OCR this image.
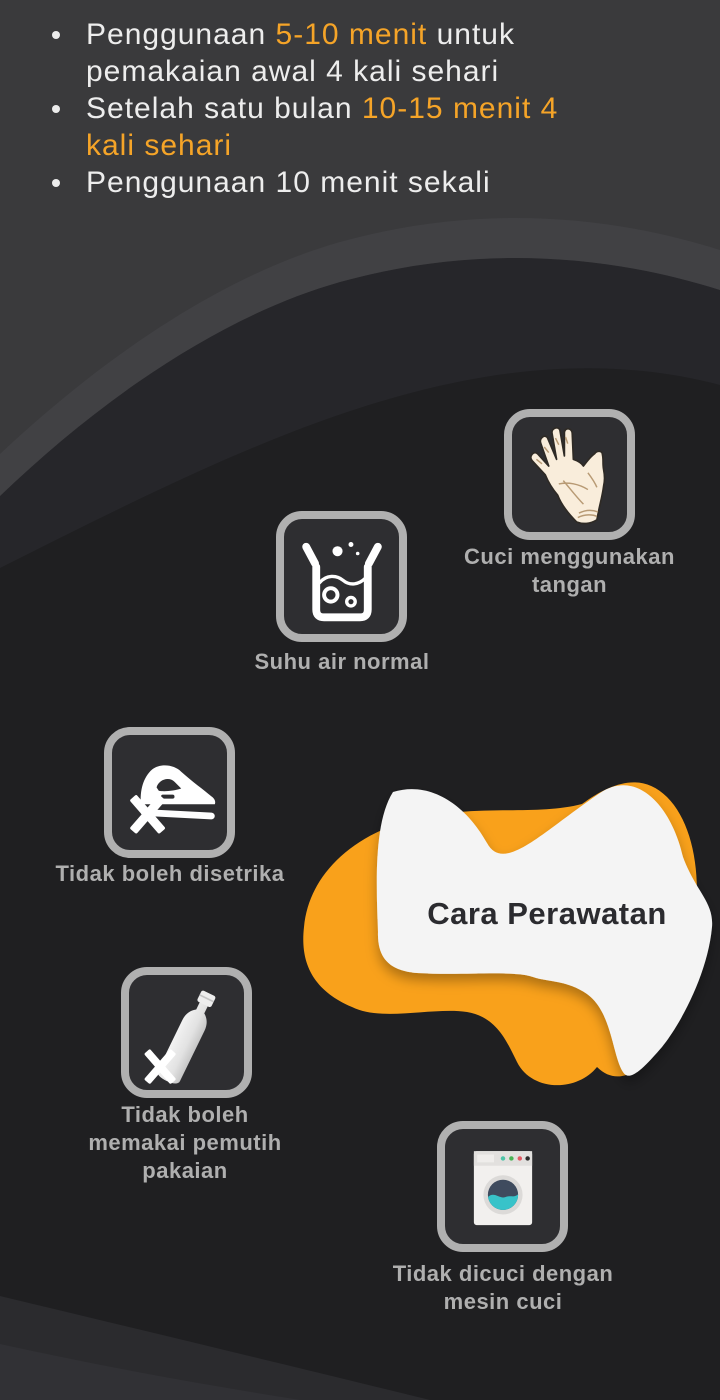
Penggunaan 5-10 menit untuk
pemakaian awal 4 kali sehari

Setelah satu bulan 10-15 menit 4
kali sehari

Penggunaan 10 menit sekali

Cara Perawatan
Cuci menggunakan tangan
Suhu air normal
Tidak boleh disetrika
Tidak boleh memakai pemutih pakaian
Tidak dicuci dengan mesin cuci
